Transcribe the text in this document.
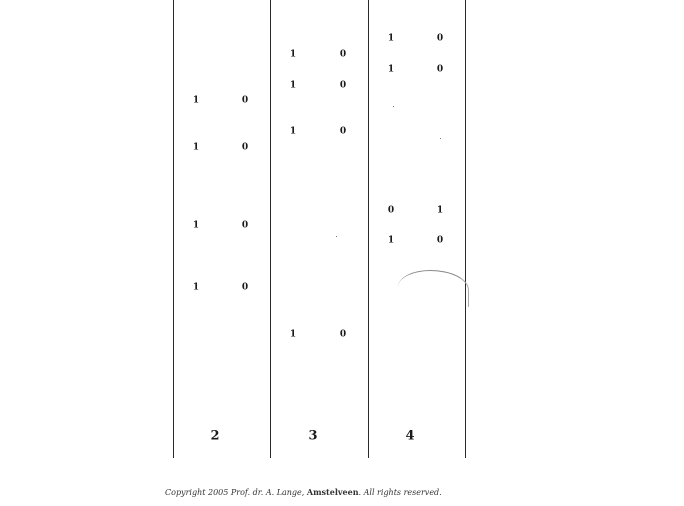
1	0
1	0
1	0
1	0
2
1	0
1	0
1	0
1	0
3
1	0
1	0
0	1
1	0
4
Copyright 2005 Prof. dr. A. Lange, Amstelveen. All rights reserved.
